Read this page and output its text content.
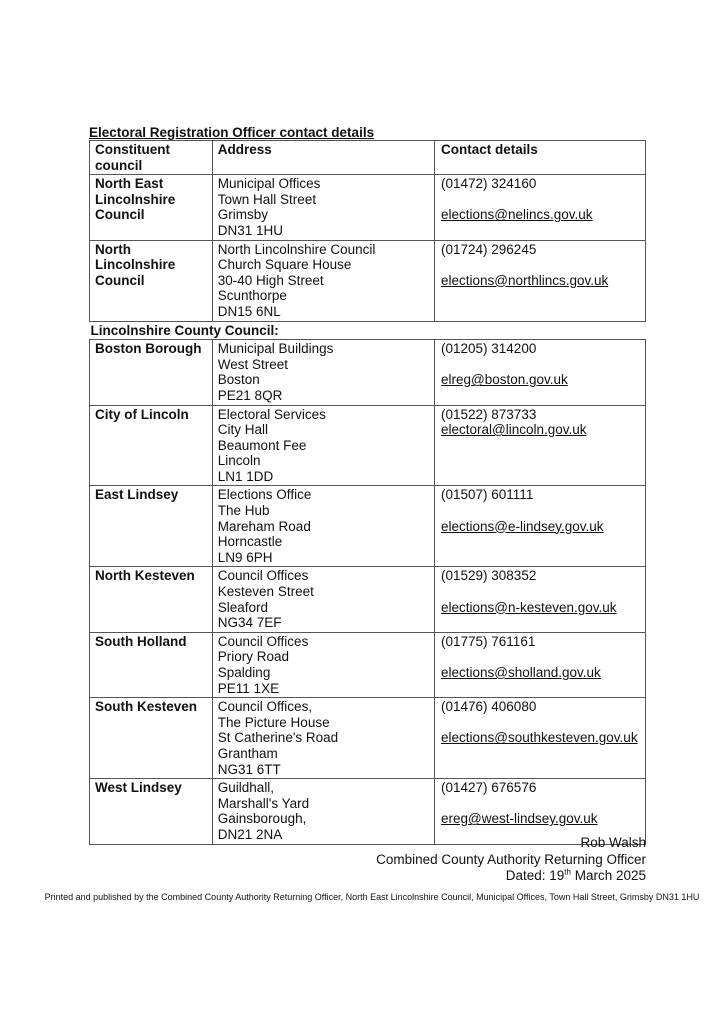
Electoral Registration Officer contact details
Constituent council	Address	Contact details
North East Lincolnshire Council	Municipal Offices
Town Hall Street
Grimsby
DN31 1HU	(01472) 324160
elections@nelincs.gov.uk

North Lincolnshire Council	North Lincolnshire Council
Church Square House
30-40 High Street
Scunthorpe
DN15 6NL	(01724) 296245
elections@northlincs.gov.uk

Lincolnshire County Council:		
Boston Borough	Municipal Buildings
West Street
Boston
PE21 8QR	(01205) 314200
elreg@boston.gov.uk

City of Lincoln	Electoral Services
City Hall
Beaumont Fee
Lincoln
LN1 1DD	(01522) 873733
electoral@lincoln.gov.uk

East Lindsey	Elections Office
The Hub
Mareham Road
Horncastle
LN9 6PH	(01507) 601111
elections@e-lindsey.gov.uk

North Kesteven	Council Offices
Kesteven Street
Sleaford
NG34 7EF	(01529) 308352
elections@n-kesteven.gov.uk

South Holland	Council Offices
Priory Road
Spalding
PE11 1XE	(01775) 761161
elections@sholland.gov.uk

South Kesteven	Council Offices,
The Picture House
St Catherine's Road
Grantham
NG31 6TT	(01476) 406080
elections@southkesteven.gov.uk

West Lindsey	Guildhall,
Marshall's Yard
Gainsborough,
DN21 2NA	(01427) 676576
ereg@west-lindsey.gov.uk
Rob Walsh
Combined County Authority Returning Officer
Dated: 19th March 2025
Printed and published by the Combined County Authority Returning Officer, North East Lincolnshire Council, Municipal Offices, Town Hall Street, Grimsby DN31 1HU
